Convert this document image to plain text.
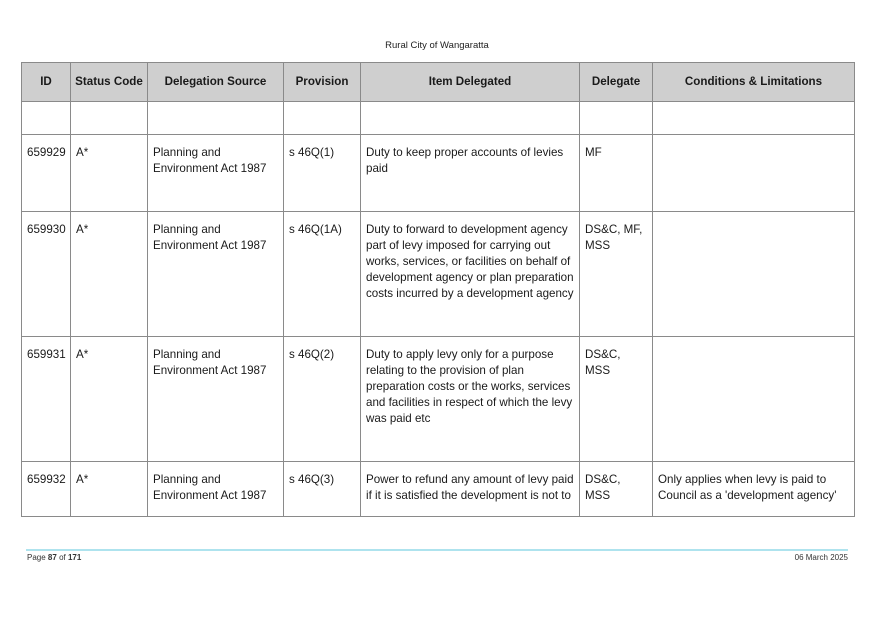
Rural City of Wangaratta
ID	Status Code	Delegation Source	Provision	Item Delegated	Delegate	Conditions & Limitations

659929	A*	Planning and Environment Act 1987	s 46Q(1)	Duty to keep proper accounts of levies paid	MF	
659930	A*	Planning and Environment Act 1987	s 46Q(1A)	Duty to forward to development agency part of levy imposed for carrying out works, services, or facilities on behalf of development agency or plan preparation costs incurred by a development agency	DS&C, MF, MSS	
659931	A*	Planning and Environment Act 1987	s 46Q(2)	Duty to apply levy only for a purpose relating to the provision of plan preparation costs or the works, services and facilities in respect of which the levy was paid etc	DS&C, MSS	
659932	A*	Planning and Environment Act 1987	s 46Q(3)	Power to refund any amount of levy paid if it is satisfied the development is not to	DS&C, MSS	Only applies when levy is paid to Council as a 'development agency'
Page 87 of 171	06 March 2025
